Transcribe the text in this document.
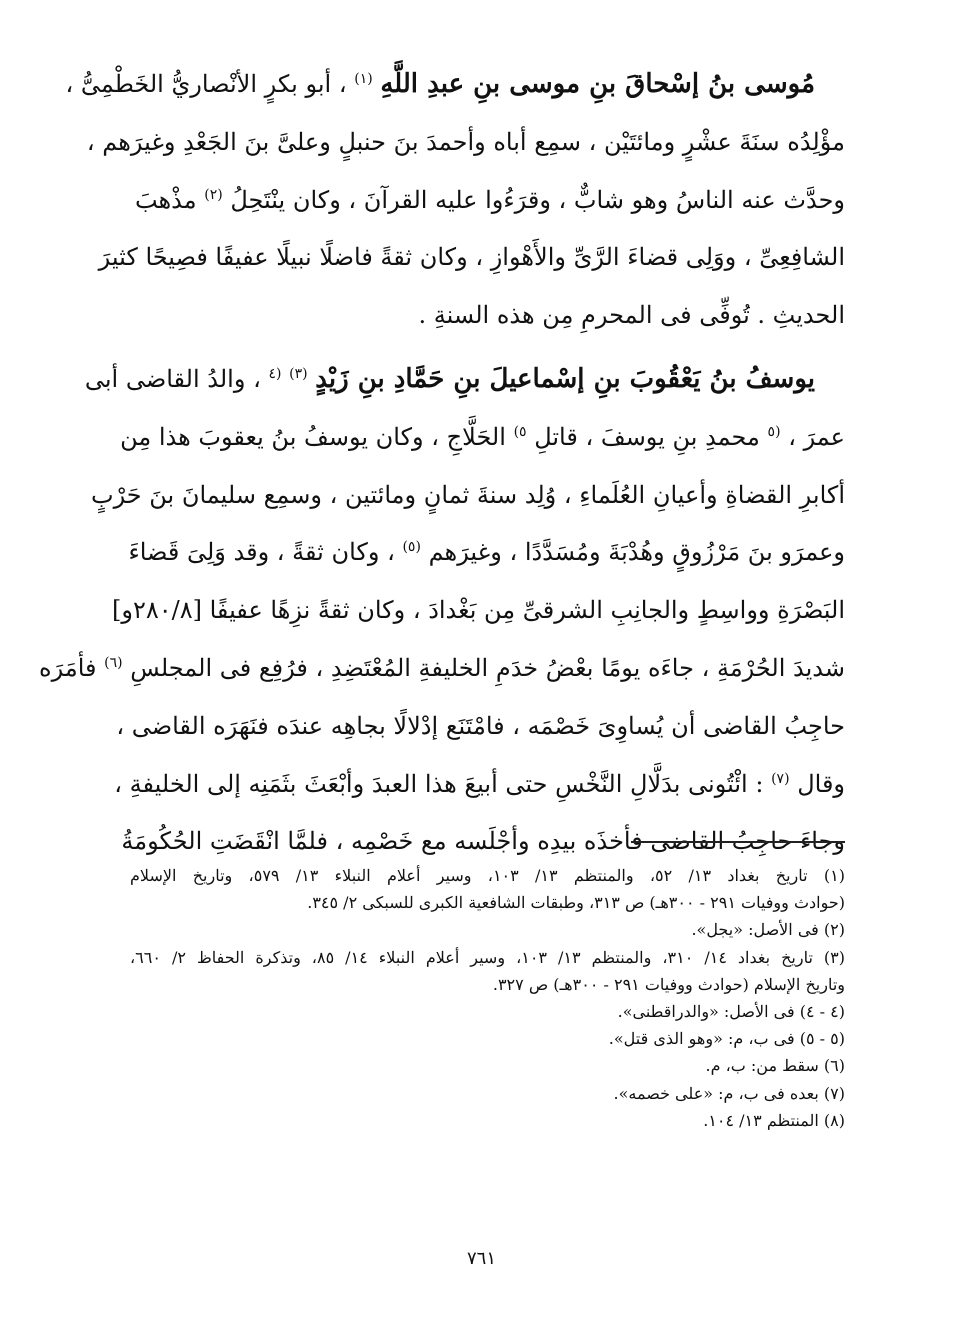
مُوسى بنُ إسْحاقَ بنِ موسى بنِ عبدِ اللَّهِ $^{(١)}$ ، أبو بكرٍ الأنْصاريُّ الخَطْمِىُّ ،
مؤْلِدُه سنَةَ عشْرٍ ومائتَيْن ، سمِع أباه وأحمدَ بنَ حنبلٍ وعلىَّ بنَ الجَعْدِ وغيرَهم ،
وحدَّث عنه الناسُ وهو شابٌّ ، وقرَءُوا عليه القرآنَ ، وكان ينْتَحِلُ $^{(٢)}$ مذْهبَ
الشافِعِىِّ ، ووَلِى قضاءَ الرَّىِّ والأَهْوازِ ، وكان ثقةً فاضلًا نبيلًا عفيفًا فصِيحًا كثيرَ
الحديثِ . تُوفِّى فى المحرمِ مِن هذه السنةِ .
يوسفُ بنُ يَعْقُوبَ بنِ إسْماعيلَ بنِ حَمَّادِ بنِ زَيْدٍ $^{(٣)}$ $^{(٤}$ ، والدُ القاضى أبى
عمرَ ، $^{(٥}$ محمدِ بنِ يوسفَ ، قاتلِ $^{٥)}$ الحَلَّاجِ ، وكان يوسفُ بنُ يعقوبَ هذا مِن
أكابرِ القضاةِ وأعيانِ العُلَماءِ ، وُلِد سنةَ ثمانٍ ومائتين ، وسمِع سليمانَ بنَ حَرْبٍ
وعمرَو بنَ مَرْزُوقٍ وهُدْبَةَ ومُسَدَّدًا ، وغيرَهم $^{(٥)}$ ، وكان ثقةً ، وقد وَلِىَ قَضاءَ
البَصْرَةِ وواسِطٍ والجانِبِ الشرقىِّ مِن بَغْدادَ ، وكان ثقةً نزِهًا عفيفًا [٢٨٠/٨و]
شديدَ الحُرْمَةِ ، جاءَه يومًا بعْضُ خدَمِ الخليفةِ المُعْتَضِدِ ، فرُفِع فى المجلسِ $^{(٦)}$ فأمَرَه
حاجِبُ القاضى أن يُساوِىَ خَصْمَه ، فامْتَنَع إدْلالًا بجاهِه عندَه فنَهَرَه القاضى ،
وقال $^{(٧)}$ : ائْتُونى بدَلَّالِ النَّخْسِ حتى أبيعَ هذا العبدَ وأبْعَثَ بثَمَنِه إلى الخليفةِ ،
وجاءَ حاجِبُ القاضى فأخذَه بيدِه وأجْلَسه مع خَصْمِه ، فلمَّا انْقَضَتِ الحُكُومَةُ
(١) تاريخ بغداد ١٣/ ٥٢، والمنتظم ١٣/ ١٠٣، وسير أعلام النبلاء ١٣/ ٥٧٩، وتاريخ الإسلام
(حوادث ووفيات ٢٩١ - ٣٠٠هـ) ص ٣١٣، وطبقات الشافعية الكبرى للسبكى ٢/ ٣٤٥.
(٢) فى الأصل: «يجل».
(٣) تاريخ بغداد ١٤/ ٣١٠، والمنتظم ١٣/ ١٠٣، وسير أعلام النبلاء ١٤/ ٨٥، وتذكرة الحفاظ ٢/ ٦٦٠،
وتاريخ الإسلام (حوادث ووفيات ٢٩١ - ٣٠٠هـ) ص ٣٢٧.
(٤ - ٤) فى الأصل: «والدراقطنى».
(٥ - ٥) فى ب، م: «وهو الذى قتل».
(٦) سقط من: ب، م.
(٧) بعده فى ب، م: «على خصمه».
(٨) المنتظم ١٣/ ١٠٤.
٧٦١
